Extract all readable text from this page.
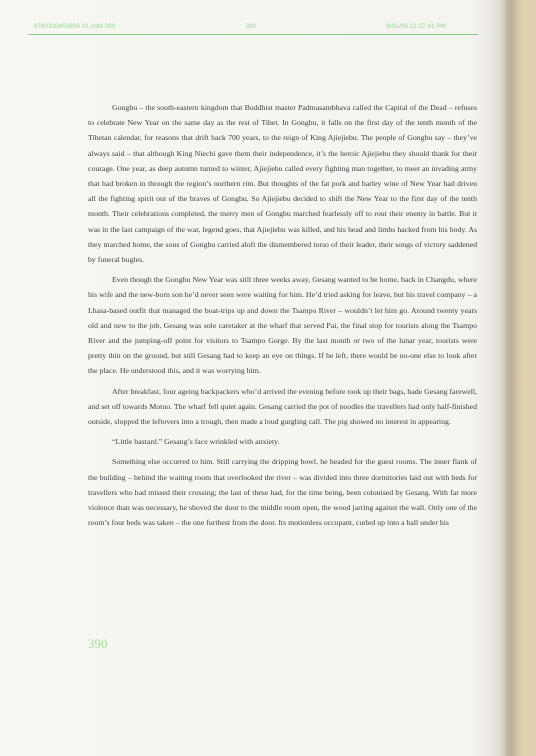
9780330453806.01.indd 390	390	8/01/09 12:27:41 PM

Gongbu – the south-eastern kingdom that Buddhist master Padmasambhava called the Capital of the Dead – refuses to celebrate New Year on the same day as the rest of Tibet. In Gongbu, it falls on the first day of the tenth month of the Tibetan calendar, for reasons that drift back 700 years, to the reign of King Ajiejiebu. The people of Gongbu say – they’ve always said – that although King Niechi gave them their independence, it’s the heroic Ajiejiebu they should thank for their courage. One year, as deep autumn turned to winter, Ajiejiebu called every fighting man together, to meet an invading army that had broken in through the region’s northern rim. But thoughts of the fat pork and barley wine of New Year had driven all the fighting spirit out of the braves of Gongbu. So Ajiejiebu decided to shift the New Year to the first day of the tenth month. Their celebrations completed, the merry men of Gongbu marched fearlessly off to rout their enemy in battle. But it was in the last campaign of the war, legend goes, that Ajiejiebu was killed, and his head and limbs hacked from his body. As they marched home, the sons of Gongbu carried aloft the dismembered torso of their leader, their songs of victory saddened by funeral bugles.

Even though the Gongbu New Year was still three weeks away, Gesang wanted to be home, back in Changdu, where his wife and the new-born son he’d never seen were waiting for him. He’d tried asking for leave, but his travel company – a Lhasa-based outfit that managed the boat-trips up and down the Tsampo River – wouldn’t let him go. Around twenty years old and new to the job, Gesang was sole caretaker at the wharf that served Pai, the final stop for tourists along the Tsampo River and the jumping-off point for visitors to Tsampo Gorge. By the last month or two of the lunar year, tourists were pretty thin on the ground, but still Gesang had to keep an eye on things. If he left, there would be no-one else to look after the place. He understood this, and it was worrying him.

After breakfast, four ageing backpackers who’d arrived the evening before took up their bags, bade Gesang farewell, and set off towards Motuo. The wharf fell quiet again. Gesang carried the pot of noodles the travellers had only half-finished outside, slopped the leftovers into a trough, then made a loud gurgling call. The pig showed no interest in appearing.

“Little bastard.” Gesang’s face wrinkled with anxiety.

Something else occurred to him. Still carrying the dripping bowl, he headed for the guest rooms. The inner flank of the building – behind the waiting room that overlooked the river – was divided into three dormitories laid out with beds for travellers who had missed their crossing; the last of these had, for the time being, been colonised by Gesang. With far more violence than was necessary, he shoved the door to the middle room open, the wood jarring against the wall. Only one of the room’s four beds was taken – the one furthest from the door. Its motionless occupant, curled up into a ball under his

390
